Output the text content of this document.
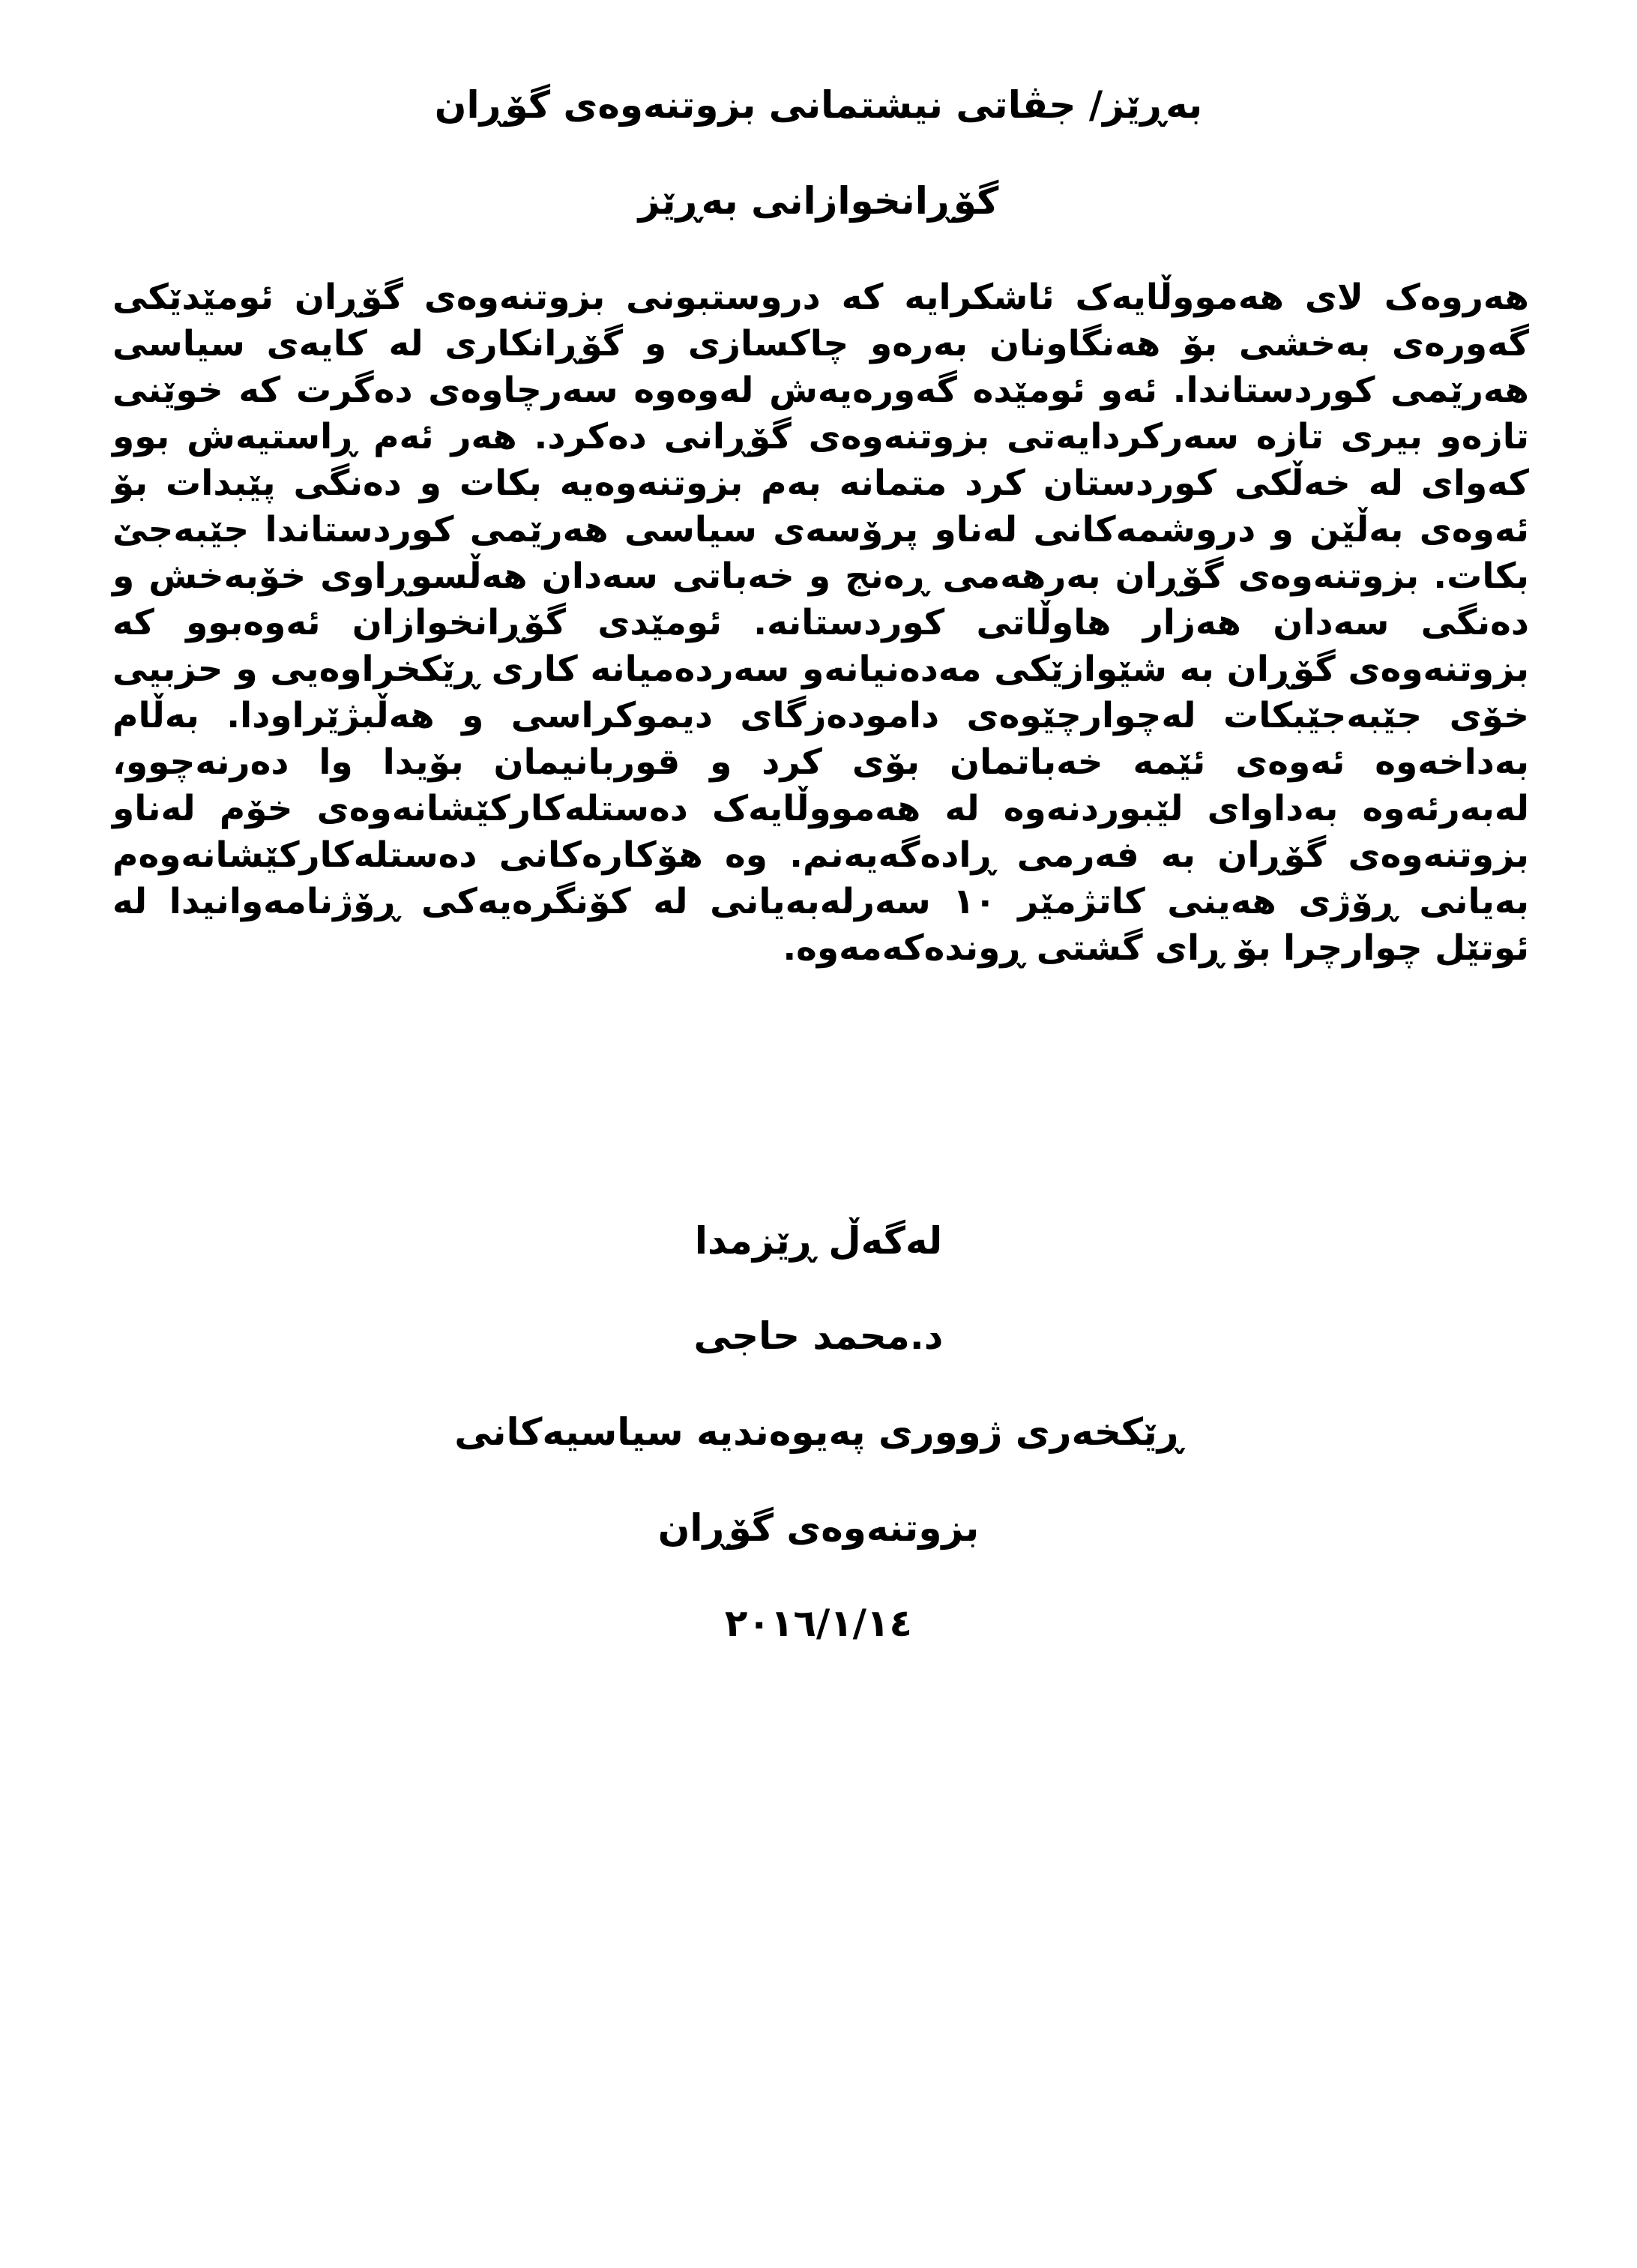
بەڕێز/ جڤاتی نیشتمانی بزوتنەوەی گۆڕان
گۆڕانخوازانی بەڕێز

هەروەک لای هەمووڵایەک ئاشکرایە کە دروستبونی بزوتنەوەی گۆڕان ئومێدێکی گەورەی بەخشی بۆ هەنگاونان بەرەو چاکسازی و گۆڕانکاری لە کایەی سیاسی هەرێمی کوردستاندا. ئەو ئومێدە گەورەیەش لەوەوە سەرچاوەی دەگرت کە خوێنی تازەو بیری تازە سەرکردایەتی بزوتنەوەی گۆڕانی دەکرد. هەر ئەم ڕاستیەش بوو کەوای لە خەڵکی کوردستان کرد متمانە بەم بزوتنەوەیە بکات و دەنگی پێبدات بۆ ئەوەی بەڵێن و دروشمەکانی لەناو پرۆسەی سیاسی هەرێمی کوردستاندا جێبەجێ بکات. بزوتنەوەی گۆڕان بەرهەمی ڕەنج و خەباتی سەدان هەڵسوڕاوی خۆبەخش و دەنگی سەدان هەزار هاوڵاتی کوردستانە. ئومێدی گۆڕانخوازان ئەوەبوو کە بزوتنەوەی گۆڕان بە شێوازێکی مەدەنیانەو سەردەمیانە کاری ڕێکخراوەیی و حزبیی خۆی جێبەجێبکات لەچوارچێوەی دامودەزگای دیموکراسی و هەڵبژێراودا. بەڵام بەداخەوە ئەوەی ئێمە خەباتمان بۆی کرد و قوربانیمان بۆیدا وا دەرنەچوو، لەبەرئەوە بەداوای لێبوردنەوە لە هەمووڵایەک دەستلەکارکێشانەوەی خۆم لەناو بزوتنەوەی گۆڕان بە فەرمی ڕادەگەیەنم. وە هۆکارەکانی دەستلەکارکێشانەوەم بەیانی ڕۆژی هەینی کاتژمێر ١٠ سەرلەبەیانی لە کۆنگرەیەکی ڕۆژنامەوانیدا لە ئوتێل چوارچرا بۆ ڕای گشتی ڕوندەکەمەوە.

لەگەڵ ڕێزمدا
د.محمد حاجی
ڕێکخەری ژووری پەیوەندیە سیاسیەکانی
بزوتنەوەی گۆڕان
٢٠١٦/١/١٤
